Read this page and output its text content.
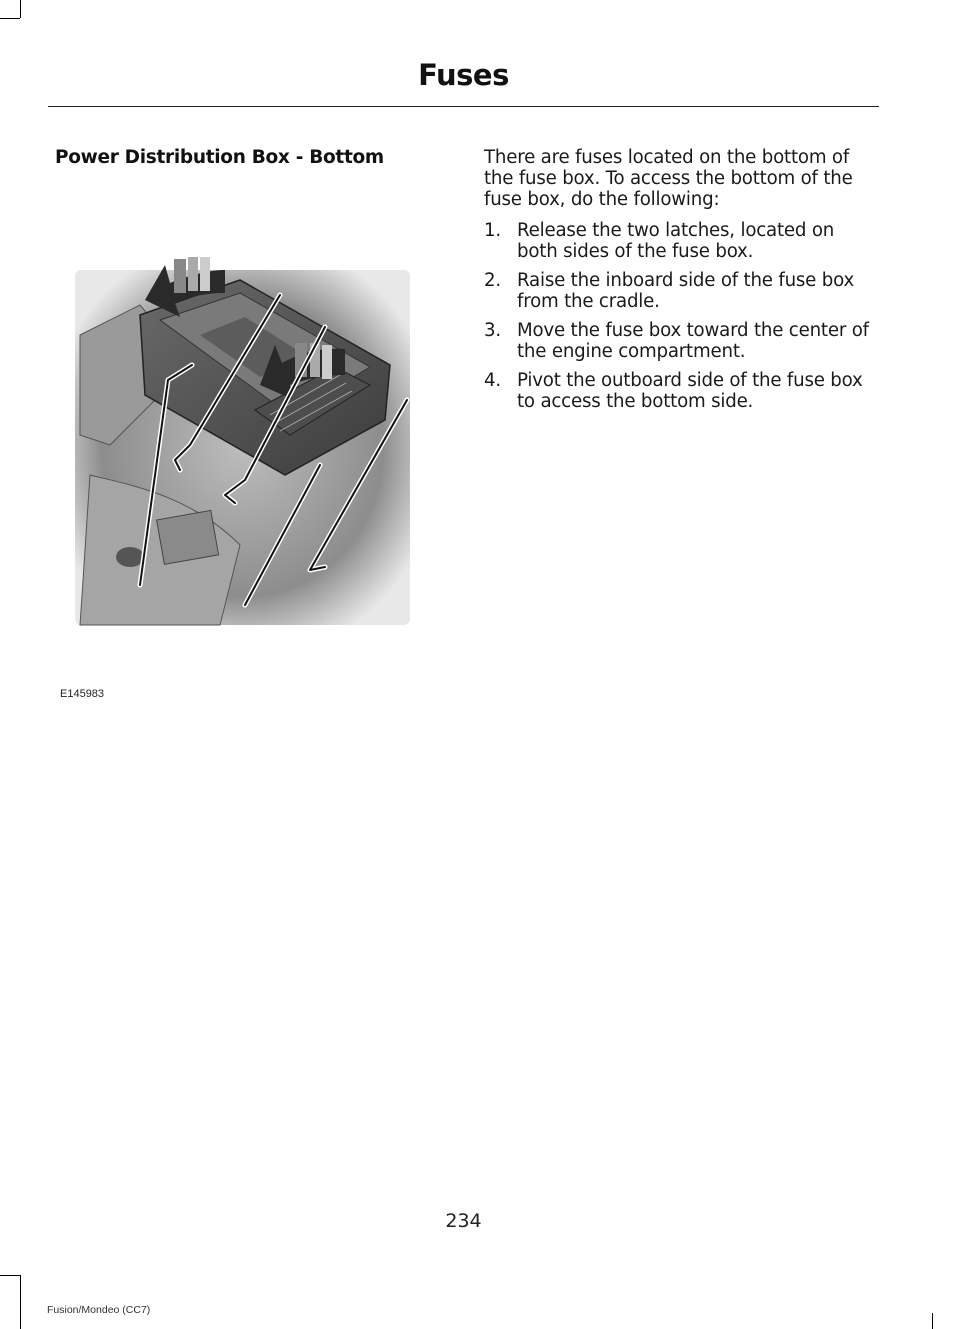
Fuses
Power Distribution Box - Bottom
E145983
There are fuses located on the bottom of the fuse box. To access the bottom of the fuse box, do the following:
1. Release the two latches, located on both sides of the fuse box.
2. Raise the inboard side of the fuse box from the cradle.
3. Move the fuse box toward the center of the engine compartment.
4. Pivot the outboard side of the fuse box to access the bottom side.
234
Fusion/Mondeo (CC7)
